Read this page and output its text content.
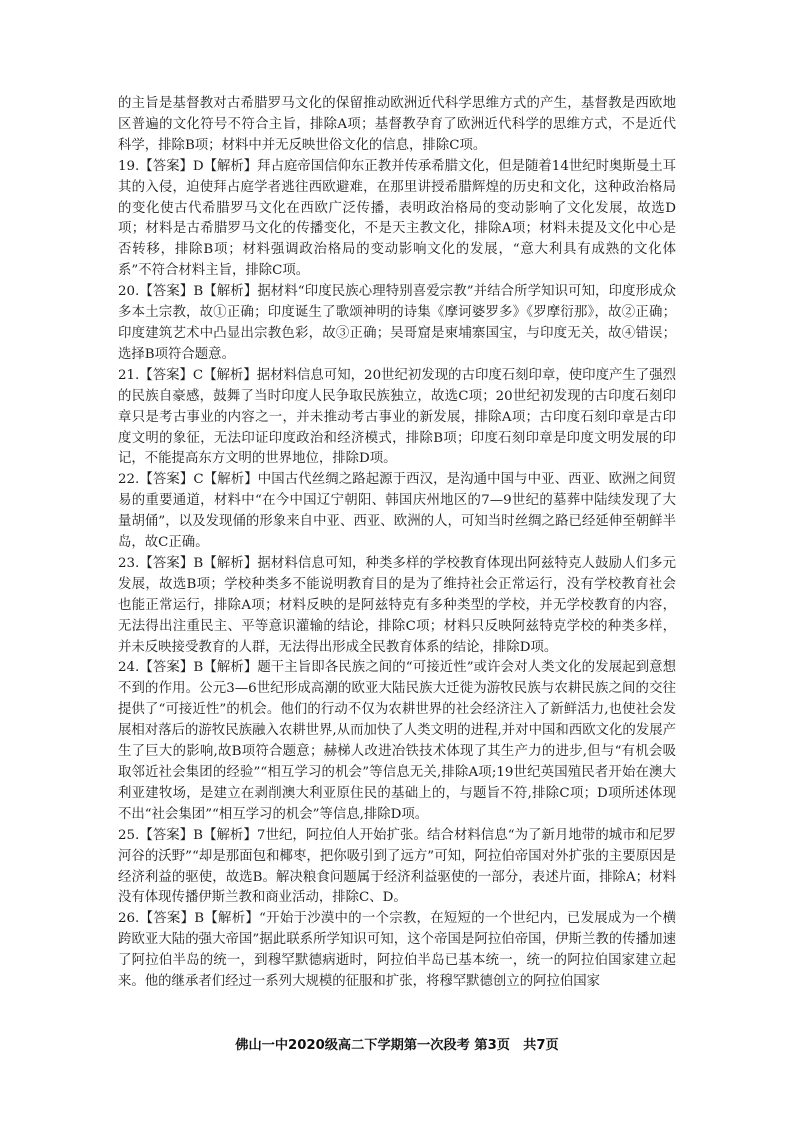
的主旨是基督教对古希腊罗马文化的保留推动欧洲近代科学思维方式的产生，基督教是西欧地区普遍的文化符号不符合主旨，排除A项；基督教孕育了欧洲近代科学的思维方式，不是近代科学，排除B项；材料中并无反映世俗文化的信息，排除C项。

19.【答案】D【解析】拜占庭帝国信仰东正教并传承希腊文化，但是随着14世纪时奥斯曼土耳其的入侵，迫使拜占庭学者逃往西欧避难，在那里讲授希腊辉煌的历史和文化，这种政治格局的变化使古代希腊罗马文化在西欧广泛传播，表明政治格局的变动影响了文化发展，故选D项；材料是古希腊罗马文化的传播变化，不是天主教文化，排除A项；材料未提及文化中心是否转移，排除B项；材料强调政治格局的变动影响文化的发展，“意大利具有成熟的文化体系”不符合材料主旨，排除C项。

20.【答案】B【解析】据材料“印度民族心理特别喜爱宗教”并结合所学知识可知，印度形成众多本土宗教，故①正确；印度诞生了歌颂神明的诗集《摩诃婆罗多》《罗摩衍那》，故②正确；印度建筑艺术中凸显出宗教色彩，故③正确；吴哥窟是柬埔寨国宝，与印度无关，故④错误；选择B项符合题意。

21.【答案】C【解析】据材料信息可知，20世纪初发现的古印度石刻印章，使印度产生了强烈的民族自豪感，鼓舞了当时印度人民争取民族独立，故选C项；20世纪初发现的古印度石刻印章只是考古事业的内容之一，并未推动考古事业的新发展，排除A项；古印度石刻印章是古印度文明的象征，无法印证印度政治和经济模式，排除B项；印度石刻印章是印度文明发展的印记，不能提高东方文明的世界地位，排除D项。

22.【答案】C【解析】中国古代丝绸之路起源于西汉，是沟通中国与中亚、西亚、欧洲之间贸易的重要通道，材料中“在今中国辽宁朝阳、韩国庆州地区的7—9世纪的墓葬中陆续发现了大量胡俑”，以及发现俑的形象来自中亚、西亚、欧洲的人，可知当时丝绸之路已经延伸至朝鲜半岛，故C正确。

23.【答案】B【解析】据材料信息可知，种类多样的学校教育体现出阿兹特克人鼓励人们多元发展，故选B项；学校种类多不能说明教育目的是为了维持社会正常运行，没有学校教育社会也能正常运行，排除A项；材料反映的是阿兹特克有多种类型的学校，并无学校教育的内容，无法得出注重民主、平等意识灌输的结论，排除C项；材料只反映阿兹特克学校的种类多样，并未反映接受教育的人群，无法得出形成全民教育体系的结论，排除D项。

24.【答案】B【解析】题干主旨即各民族之间的“可接近性”或许会对人类文化的发展起到意想不到的作用。公元3—6世纪形成高潮的欧亚大陆民族大迁徙为游牧民族与农耕民族之间的交往提供了“可接近性”的机会。他们的行动不仅为农耕世界的社会经济注入了新鲜活力,也使社会发展相对落后的游牧民族融入农耕世界,从而加快了人类文明的进程,并对中国和西欧文化的发展产生了巨大的影响,故B项符合题意；赫梯人改进冶铁技术体现了其生产力的进步,但与“有机会吸取邻近社会集团的经验”“相互学习的机会”等信息无关,排除A项;19世纪英国殖民者开始在澳大利亚建牧场，是建立在剥削澳大利亚原住民的基础上的，与题旨不符,排除C项；D项所述体现不出“社会集团”“相互学习的机会”等信息,排除D项。

25.【答案】B【解析】7世纪，阿拉伯人开始扩张。结合材料信息“为了新月地带的城市和尼罗河谷的沃野”“却是那面包和椰枣，把你吸引到了远方”可知，阿拉伯帝国对外扩张的主要原因是经济利益的驱使，故选B。解决粮食问题属于经济利益驱使的一部分，表述片面，排除A；材料没有体现传播伊斯兰教和商业活动，排除C、D。

26.【答案】B【解析】“开始于沙漠中的一个宗教，在短短的一个世纪内，已发展成为一个横跨欧亚大陆的强大帝国”据此联系所学知识可知，这个帝国是阿拉伯帝国，伊斯兰教的传播加速了阿拉伯半岛的统一，到穆罕默德病逝时，阿拉伯半岛已基本统一，统一的阿拉伯国家建立起来。他的继承者们经过一系列大规模的征服和扩张，将穆罕默德创立的阿拉伯国家

佛山一中2020级高二下学期第一次段考 第3页　共7页
